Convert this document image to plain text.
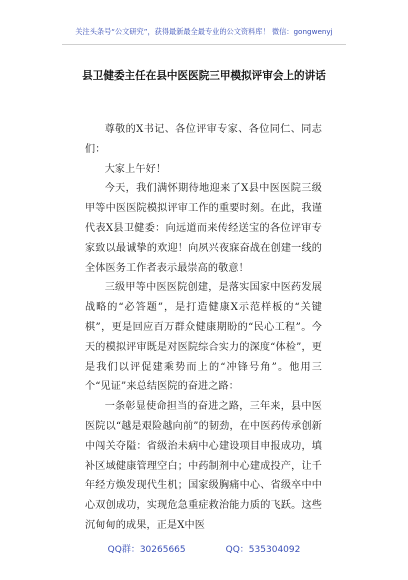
关注头条号“公文研究”，获得最新最全最专业的公文资料库！ 微信：gongwenyj
县卫健委主任在县中医医院三甲模拟评审会上的讲话

尊敬的X书记、各位评审专家、各位同仁、同志们：

大家上午好！

今天，我们满怀期待地迎来了X县中医医院三级甲等中医医院模拟评审工作的重要时刻。在此，我谨代表X县卫健委：向远道而来传经送宝的各位评审专家致以最诚挚的欢迎！向夙兴夜寐奋战在创建一线的全体医务工作者表示最崇高的敬意！

三级甲等中医医院创建，是落实国家中医药发展战略的“必答题”，是打造健康X示范样板的“关键棋”，更是回应百万群众健康期盼的“民心工程”。今天的模拟评审既是对医院综合实力的深度“体检”，更是我们以评促建乘势而上的“冲锋号角”。他用三个“见证”来总结医院的奋进之路：

一条彰显使命担当的奋进之路，三年来，县中医医院以“越是艰险越向前”的韧劲，在中医药传承创新中闯关夺隘：省级治未病中心建设项目申报成功，填补区域健康管理空白；中药制剂中心建成投产，让千年经方焕发现代生机；国家级胸痛中心、省级卒中中心双创成功，实现危急重症救治能力质的飞跃。这些沉甸甸的成果，正是X中医

QQ群：30265665	QQ：535304092
